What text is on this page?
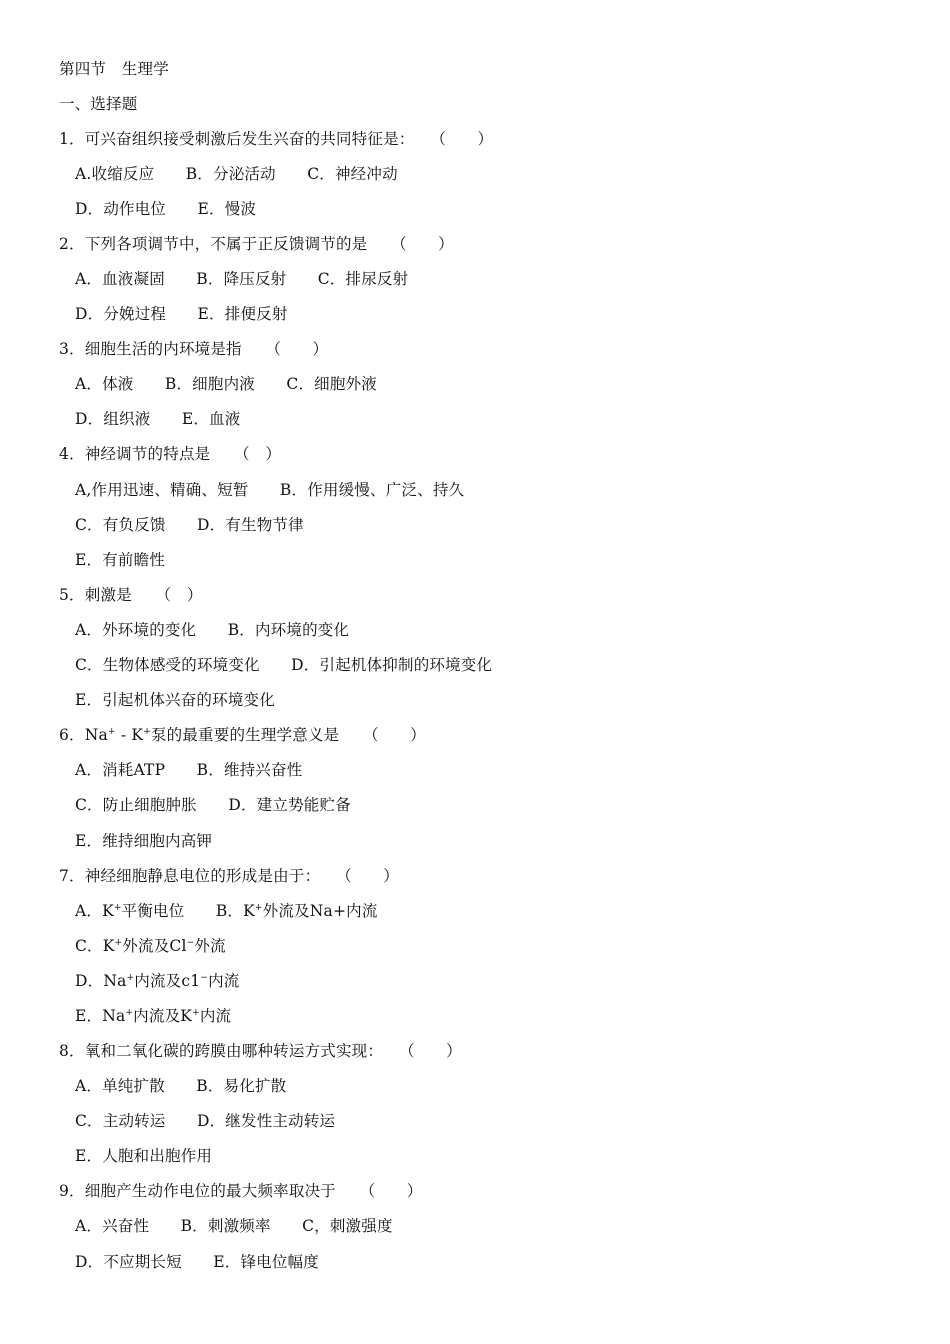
第四节　生理学
一、选择题
1．可兴奋组织接受刺激后发生兴奋的共同特征是：　　（　　）
A.收缩反应　　B．分泌活动　　C．神经冲动
D．动作电位　　E．慢波
2．下列各项调节中，不属于正反馈调节的是　　（　　）
A．血液凝固　　B．降压反射　　C．排尿反射
D．分娩过程　　E．排便反射
3．细胞生活的内环境是指　　（　　）
A．体液　　B．细胞内液　　C．细胞外液
D．组织液　　E．血液
4．神经调节的特点是　　（　）
A,作用迅速、精确、短暂　　B．作用缓慢、广泛、持久
C．有负反馈　　D．有生物节律
E．有前瞻性
5．刺激是　　（　）
A．外环境的变化　　B．内环境的变化
C．生物体感受的环境变化　　D．引起机体抑制的环境变化
E．引起机体兴奋的环境变化
6．Na+ - K+泵的最重要的生理学意义是　　（　　）
A．消耗ATP　　B．维持兴奋性
C．防止细胞肿胀　　D．建立势能贮备
E．维持细胞内高钾
7．神经细胞静息电位的形成是由于：　　（　　）
A．K+平衡电位　　B．K+外流及Na+内流
C．K+外流及Cl−外流
D．Na+内流及c1−内流
E．Na+内流及K+内流
8．氧和二氧化碳的跨膜由哪种转运方式实现：　　（　　）
A．单纯扩散　　B．易化扩散
C．主动转运　　D．继发性主动转运
E．人胞和出胞作用
9．细胞产生动作电位的最大频率取决于　　（　　）
A．兴奋性　　B．刺激频率　　C，刺激强度
D．不应期长短　　E．锋电位幅度
